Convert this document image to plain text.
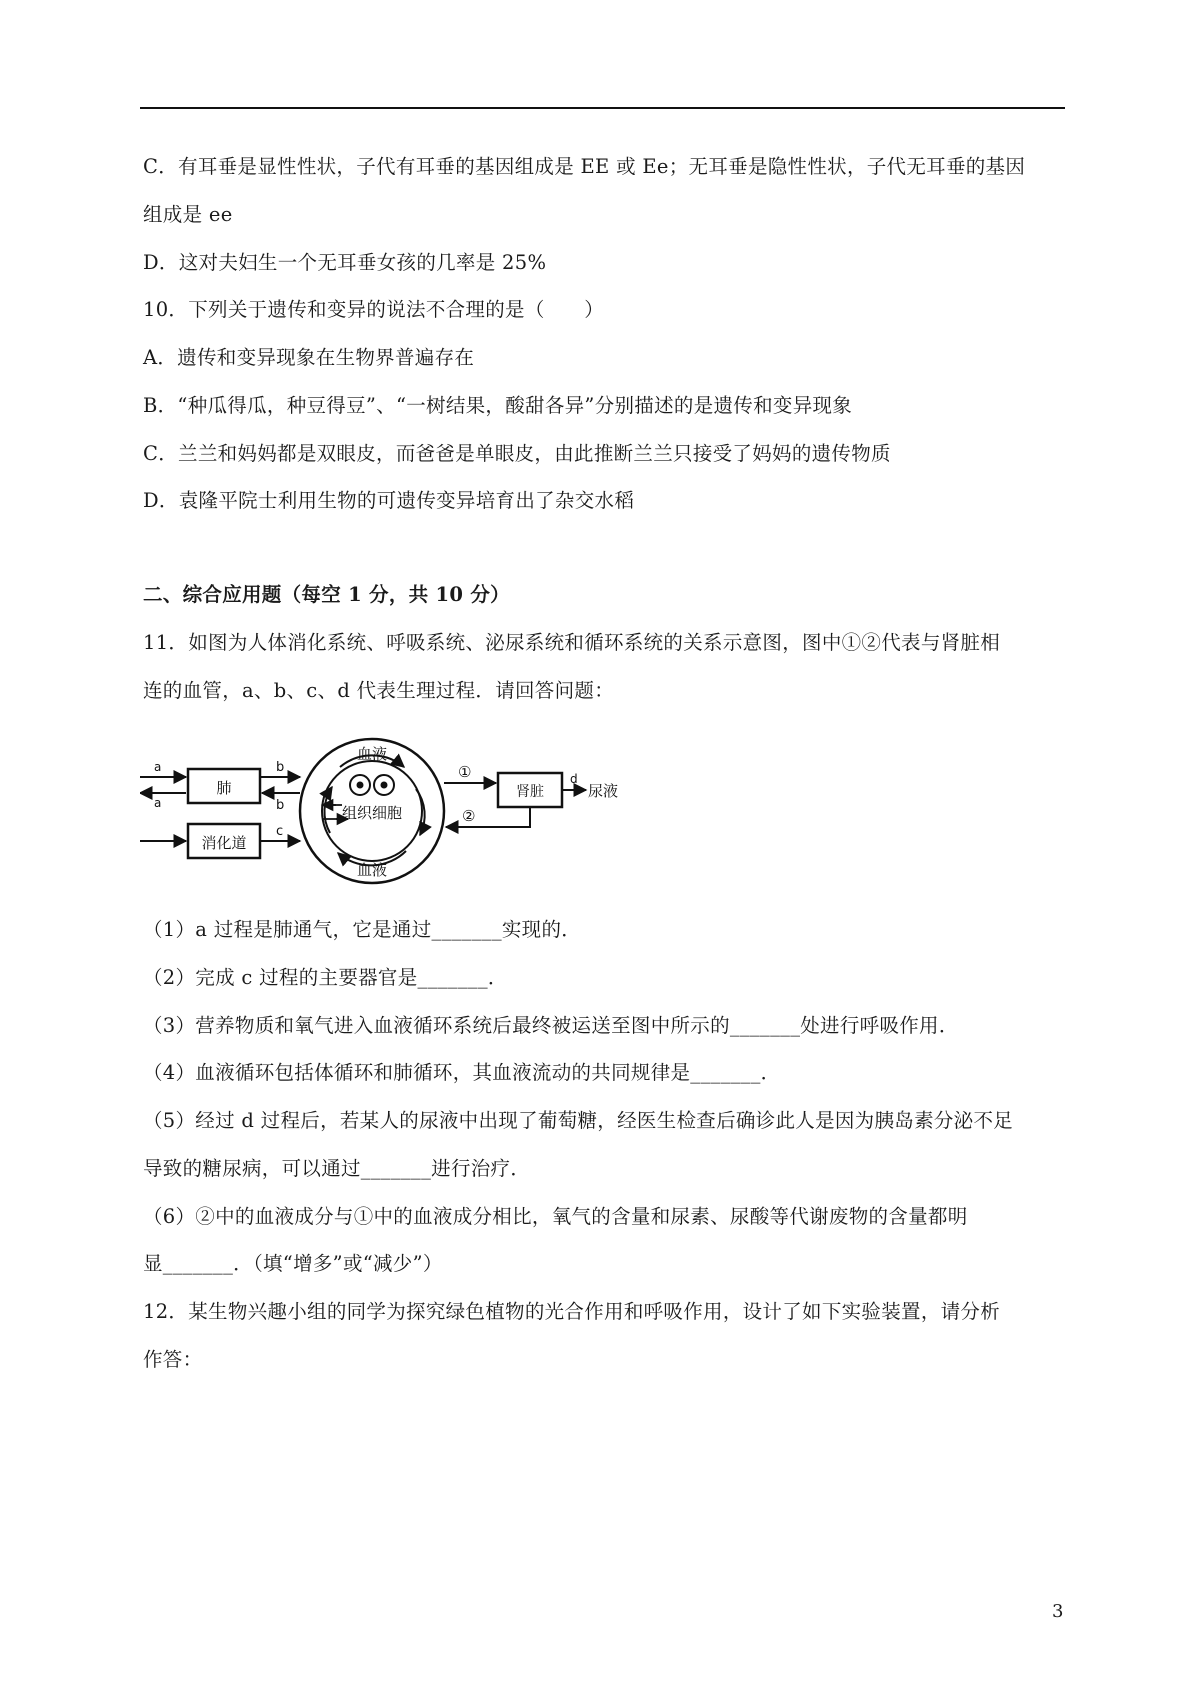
C．有耳垂是显性性状，子代有耳垂的基因组成是 EE 或 Ee；无耳垂是隐性性状，子代无耳垂的基因
组成是 ee
D．这对夫妇生一个无耳垂女孩的几率是 25%
10．下列关于遗传和变异的说法不合理的是（　　）
A．遗传和变异现象在生物界普遍存在
B．“种瓜得瓜，种豆得豆”、“一树结果，酸甜各异”分别描述的是遗传和变异现象
C．兰兰和妈妈都是双眼皮，而爸爸是单眼皮，由此推断兰兰只接受了妈妈的遗传物质
D．袁隆平院士利用生物的可遗传变异培育出了杂交水稻
二、综合应用题（每空 1 分，共 10 分）
11．如图为人体消化系统、呼吸系统、泌尿系统和循环系统的关系示意图，图中①②代表与肾脏相
连的血管，a、b、c、d 代表生理过程．请回答问题：
肺
消化道
肾脏	尿液
血液
血液
组织细胞
a
a
b
b
c
①
②
d
（1）a 过程是肺通气，它是通过_______实现的．
（2）完成 c 过程的主要器官是_______．
（3）营养物质和氧气进入血液循环系统后最终被运送至图中所示的_______处进行呼吸作用．
（4）血液循环包括体循环和肺循环，其血液流动的共同规律是_______．
（5）经过 d 过程后，若某人的尿液中出现了葡萄糖，经医生检查后确诊此人是因为胰岛素分泌不足
导致的糖尿病，可以通过_______进行治疗．
（6）②中的血液成分与①中的血液成分相比，氧气的含量和尿素、尿酸等代谢废物的含量都明
显_______．（填“增多”或“减少”）
12．某生物兴趣小组的同学为探究绿色植物的光合作用和呼吸作用，设计了如下实验装置，请分析
作答：
3
